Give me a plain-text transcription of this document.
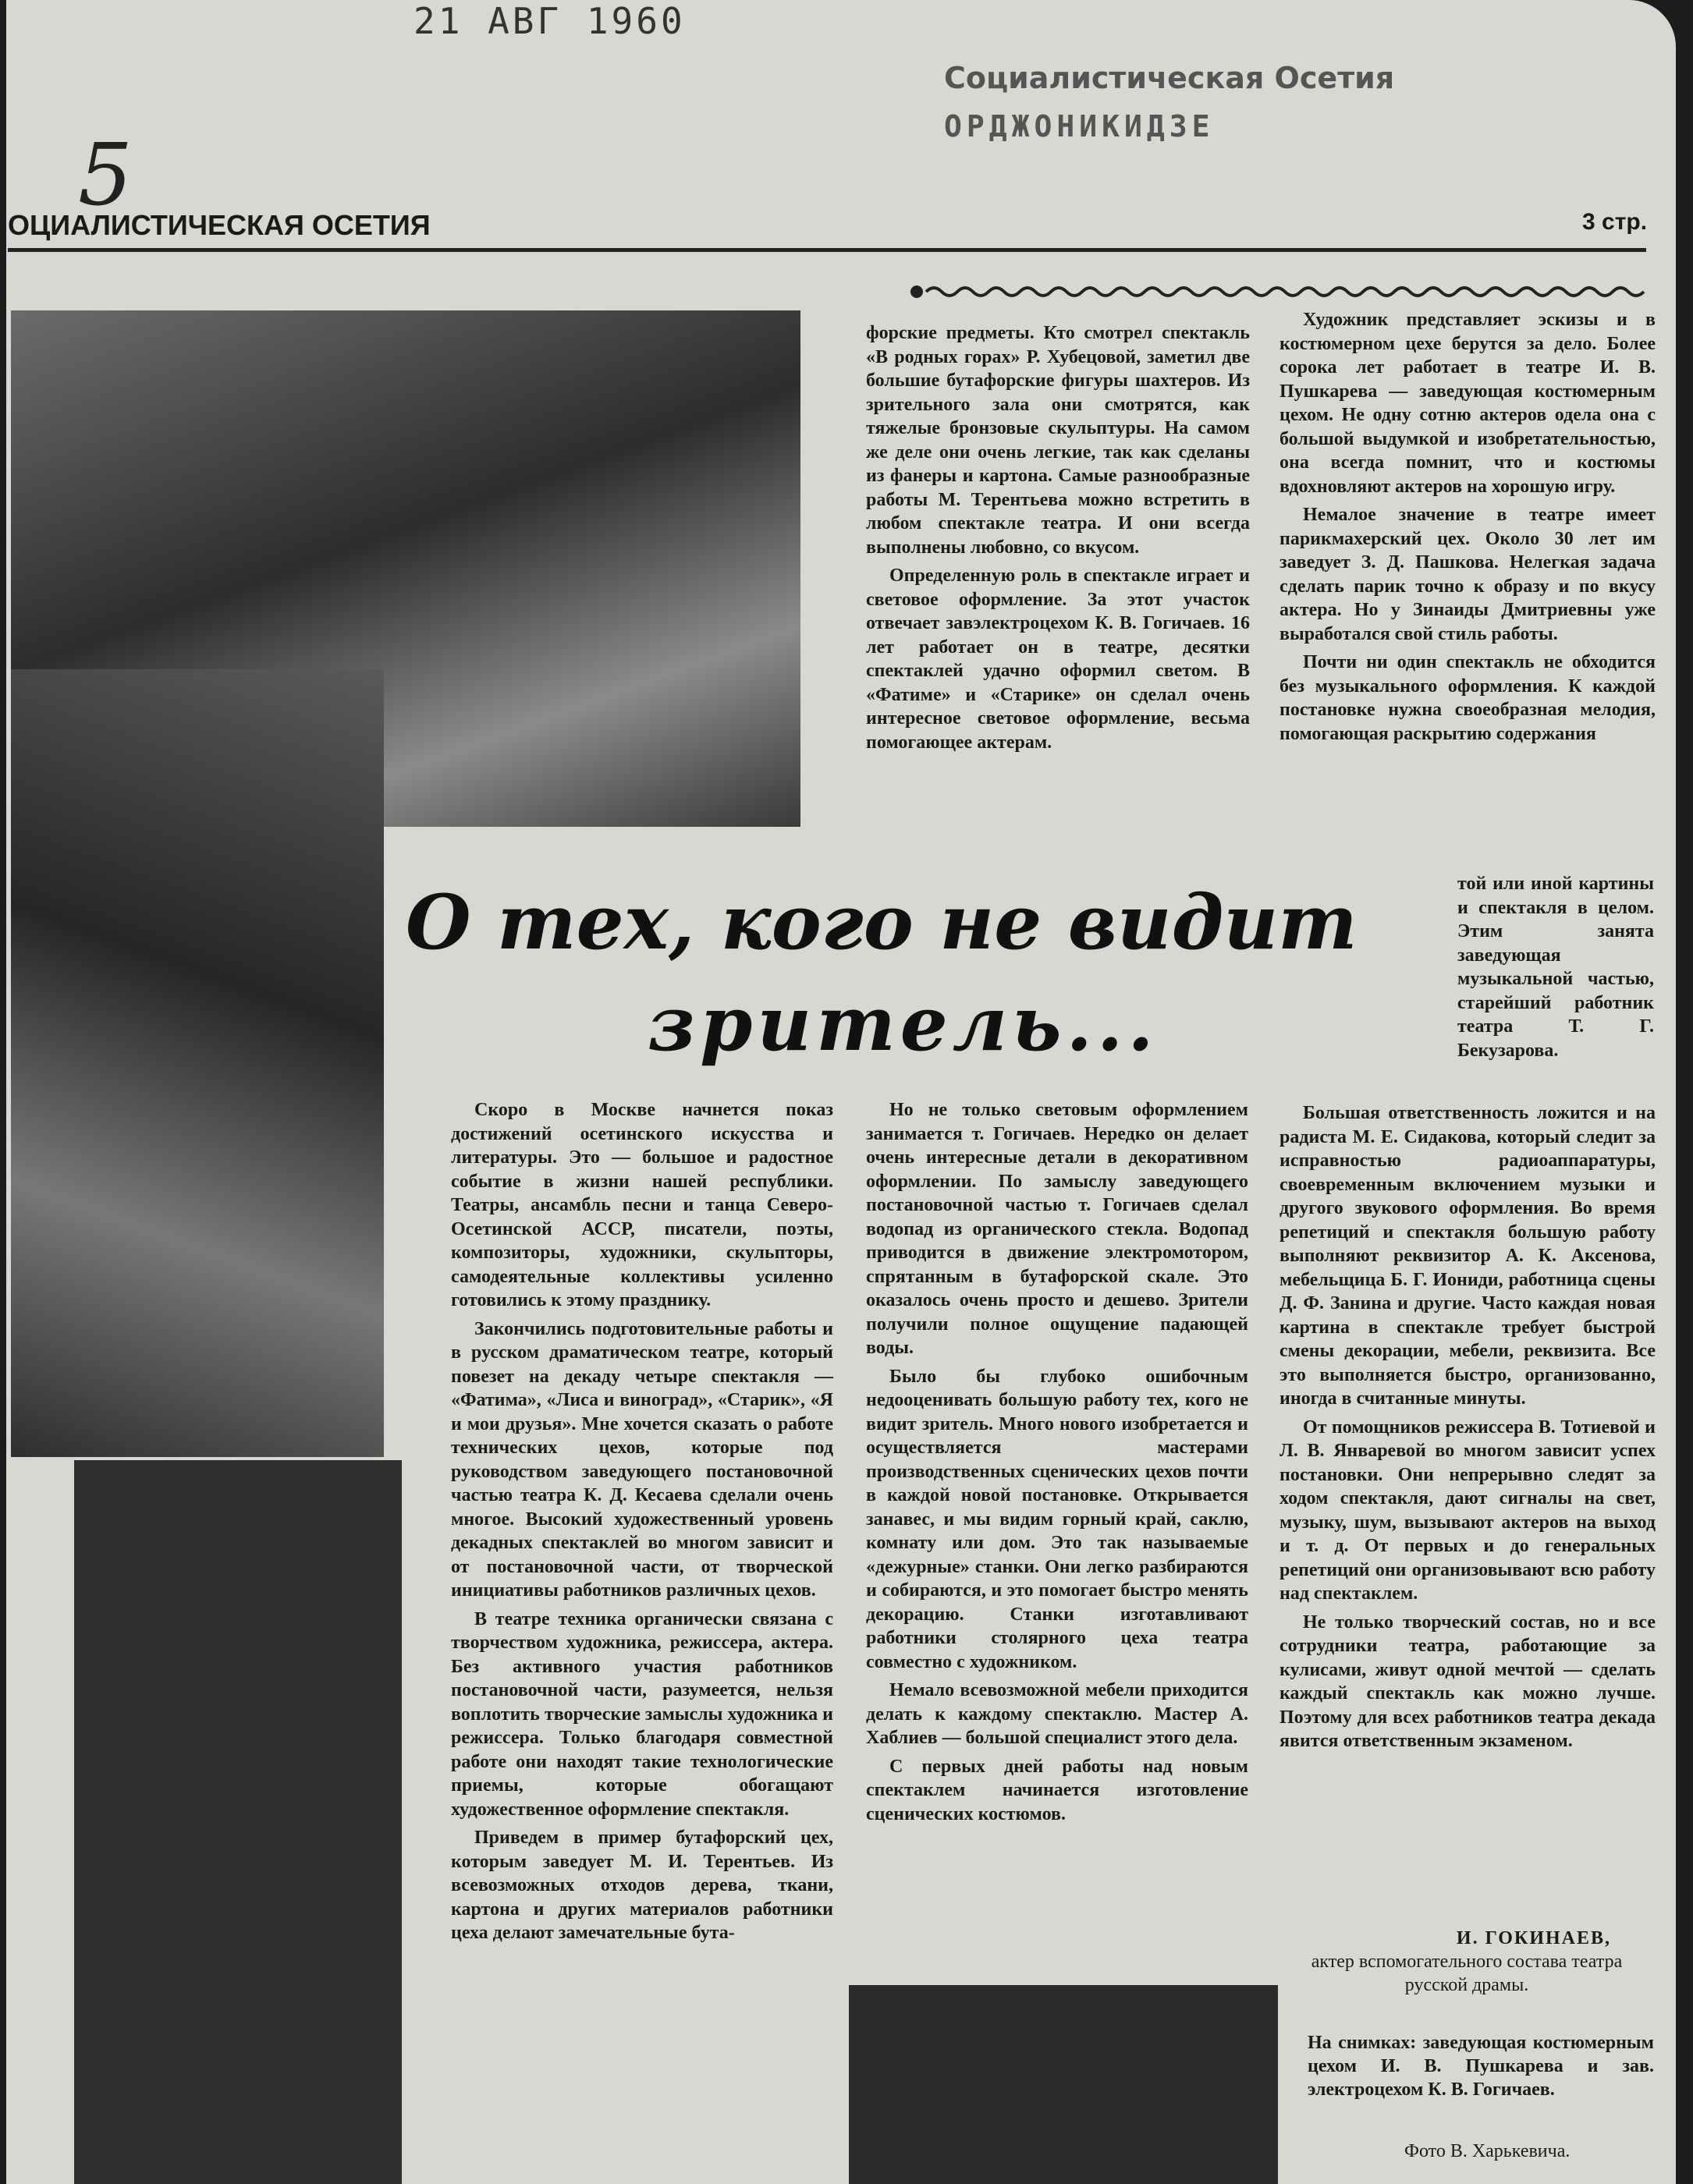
21 АВГ 1960
Социалистическая Осетия
ОРДЖОНИКИДЗЕ
5
ОЦИАЛИСТИЧЕСКАЯ ОСЕТИЯ	3 стр.
О тех, кого не видит
зритель...

Скоро в Москве начнется показ достижений осетинского искусства и литературы. Это — большое и радостное событие в жизни нашей республики. Театры, ансамбль песни и танца Северо-Осетинской АССР, писатели, поэты, композиторы, художники, скульпторы, самодеятельные коллективы усиленно готовились к этому празднику.

Закончились подготовительные работы и в русском драматическом театре, который повезет на декаду четыре спектакля — «Фатима», «Лиса и виноград», «Старик», «Я и мои друзья». Мне хочется сказать о работе технических цехов, которые под руководством заведующего постановочной частью театра К. Д. Кесаева сделали очень многое. Высокий художественный уровень декадных спектаклей во многом зависит и от постановочной части, от творческой инициативы работников различных цехов.

В театре техника органически связана с творчеством художника, режиссера, актера. Без активного участия работников постановочной части, разумеется, нельзя воплотить творческие замыслы художника и режиссера. Только благодаря совместной работе они находят такие технологические приемы, которые обогащают художественное оформление спектакля.

Приведем в пример бутафорский цех, которым заведует М. И. Терентьев. Из всевозможных отходов дерева, ткани, картона и других материалов работники цеха делают замечательные бута-

форские предметы. Кто смотрел спектакль «В родных горах» Р. Хубецовой, заметил две большие бутафорские фигуры шахтеров. Из зрительного зала они смотрятся, как тяжелые бронзовые скульптуры. На самом же деле они очень легкие, так как сделаны из фанеры и картона. Самые разнообразные работы М. Терентьева можно встретить в любом спектакле театра. И они всегда выполнены любовно, со вкусом.

Определенную роль в спектакле играет и световое оформление. За этот участок отвечает завэлектроцехом К. В. Гогичаев. 16 лет работает он в театре, десятки спектаклей удачно оформил светом. В «Фатиме» и «Старике» он сделал очень интересное световое оформление, весьма помогающее актерам.

Но не только световым оформлением занимается т. Гогичаев. Нередко он делает очень интересные детали в декоративном оформлении. По замыслу заведующего постановочной частью т. Гогичаев сделал водопад из органического стекла. Водопад приводится в движение электромотором, спрятанным в бутафорской скале. Это оказалось очень просто и дешево. Зрители получили полное ощущение падающей воды.

Было бы глубоко ошибочным недооценивать большую работу тех, кого не видит зритель. Много нового изобретается и осуществляется мастерами производственных сценических цехов почти в каждой новой постановке. Открывается занавес, и мы видим горный край, саклю, комнату или дом. Это так называемые «дежурные» станки. Они легко разбираются и собираются, и это помогает быстро менять декорацию. Станки изготавливают работники столярного цеха театра совместно с художником.

Немало всевозможной мебели приходится делать к каждому спектаклю. Мастер А. Хаблиев — большой специалист этого дела.

С первых дней работы над новым спектаклем начинается изготовление сценических костюмов.

Художник представляет эскизы и в костюмерном цехе берутся за дело. Более сорока лет работает в театре И. В. Пушкарева — заведующая костюмерным цехом. Не одну сотню актеров одела она с большой выдумкой и изобретательностью, она всегда помнит, что и костюмы вдохновляют актеров на хорошую игру.

Немалое значение в театре имеет парикмахерский цех. Около 30 лет им заведует З. Д. Пашкова. Нелегкая задача сделать парик точно к образу и по вкусу актера. Но у Зинаиды Дмитриевны уже выработался свой стиль работы.

Почти ни один спектакль не обходится без музыкального оформления. К каждой постановке нужна своеобразная мелодия, помогающая раскрытию содержания

той или иной картины и спектакля в целом. Этим занята заведующая музыкальной частью, старейший работник театра Т. Г. Бекузарова.

Большая ответственность ложится и на радиста М. Е. Сидакова, который следит за исправностью радиоаппаратуры, своевременным включением музыки и другого звукового оформления. Во время репетиций и спектакля большую работу выполняют реквизитор А. К. Аксенова, мебельщица Б. Г. Иониди, работница сцены Д. Ф. Занина и другие. Часто каждая новая картина в спектакле требует быстрой смены декорации, мебели, реквизита. Все это выполняется быстро, организованно, иногда в считанные минуты.

От помощников режиссера В. Тотиевой и Л. В. Январевой во многом зависит успех постановки. Они непрерывно следят за ходом спектакля, дают сигналы на свет, музыку, шум, вызывают актеров на выход и т. д. От первых и до генеральных репетиций они организовывают всю работу над спектаклем.

Не только творческий состав, но и все сотрудники театра, работающие за кулисами, живут одной мечтой — сделать каждый спектакль как можно лучше. Поэтому для всех работников театра декада явится ответственным экзаменом.

И. ГОКИНАЕВ,
актер вспомогательного состава театра русской драмы.
На снимках: заведующая костюмерным цехом И. В. Пушкарева и зав. электроцехом К. В. Гогичаев.
Фото В. Харькевича.
